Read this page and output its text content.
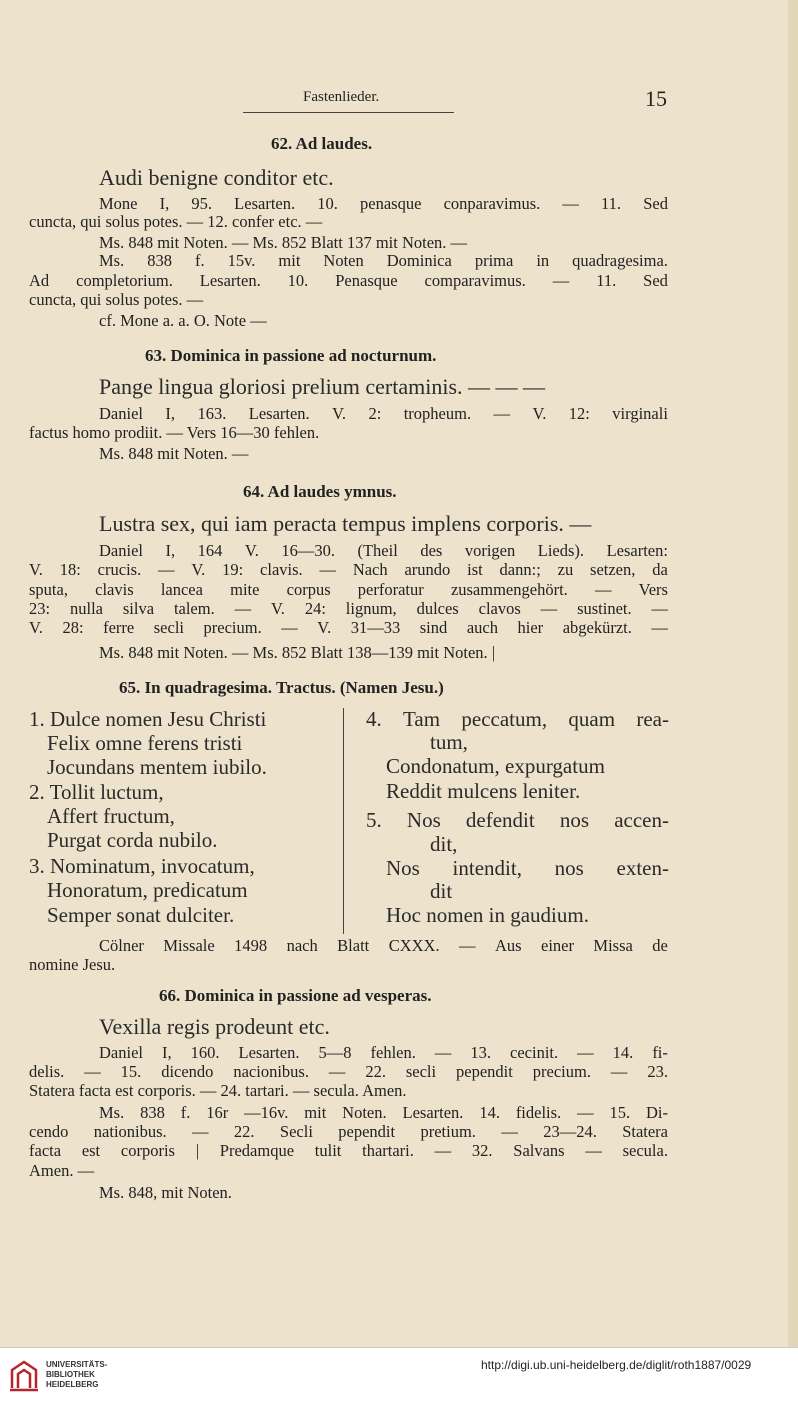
Fastenlieder.	15
62. Ad laudes.
Audi benigne conditor etc.
Mone I, 95. Lesarten. 10. penasque conparavimus. — 11. Sed
cuncta, qui solus potes. — 12. confer etc. —
Ms. 848 mit Noten. — Ms. 852 Blatt 137 mit Noten. —
Ms. 838 f. 15v. mit Noten Dominica prima in quadragesima.
Ad completorium. Lesarten. 10. Penasque comparavimus. — 11. Sed
cuncta, qui solus potes. —
cf. Mone a. a. O. Note —
63. Dominica in passione ad nocturnum.
Pange lingua gloriosi prelium certaminis. — — —
Daniel I, 163. Lesarten. V. 2: tropheum. — V. 12: virginali
factus homo prodiit. — Vers 16—30 fehlen.
Ms. 848 mit Noten. —
64. Ad laudes ymnus.
Lustra sex, qui iam peracta tempus implens corporis. —
Daniel I, 164 V. 16—30. (Theil des vorigen Lieds). Lesarten:
V. 18: crucis. — V. 19: clavis. — Nach arundo ist dann:; zu setzen, da
sputa, clavis lancea mite corpus perforatur zusammengehört. — Vers
23: nulla silva talem. — V. 24: lignum, dulces clavos — sustinet. —
V. 28: ferre secli precium. — V. 31—33 sind auch hier abgekürzt. —
Ms. 848 mit Noten. — Ms. 852 Blatt 138—139 mit Noten. |
65. In quadragesima. Tractus. (Namen Jesu.)
1. Dulce nomen Jesu Christi
Felix omne ferens tristi
Jocundans mentem iubilo.
2. Tollit luctum,
Affert fructum,
Purgat corda nubilo.
3. Nominatum, invocatum,
Honoratum, predicatum
Semper sonat dulciter.
4. Tam peccatum, quam rea-
tum,
Condonatum, expurgatum
Reddit mulcens leniter.
5. Nos defendit nos accen-
dit,
Nos intendit, nos exten-
dit
Hoc nomen in gaudium.
Cölner Missale 1498 nach Blatt CXXX. — Aus einer Missa de
nomine Jesu.
66. Dominica in passione ad vesperas.
Vexilla regis prodeunt etc.
Daniel I, 160. Lesarten. 5—8 fehlen. — 13. cecinit. — 14. fi-
delis. — 15. dicendo nacionibus. — 22. secli pependit precium. — 23.
Statera facta est corporis. — 24. tartari. — secula. Amen.
Ms. 838 f. 16r —16v. mit Noten. Lesarten. 14. fidelis. — 15. Di-
cendo nationibus. — 22. Secli pependit pretium. — 23—24. Statera
facta est corporis | Predamque tulit thartari. — 32. Salvans — secula.
Amen. —
Ms. 848, mit Noten.
UNIVERSITÄTS-
BIBLIOTHEK
HEIDELBERG
http://digi.ub.uni-heidelberg.de/diglit/roth1887/0029
